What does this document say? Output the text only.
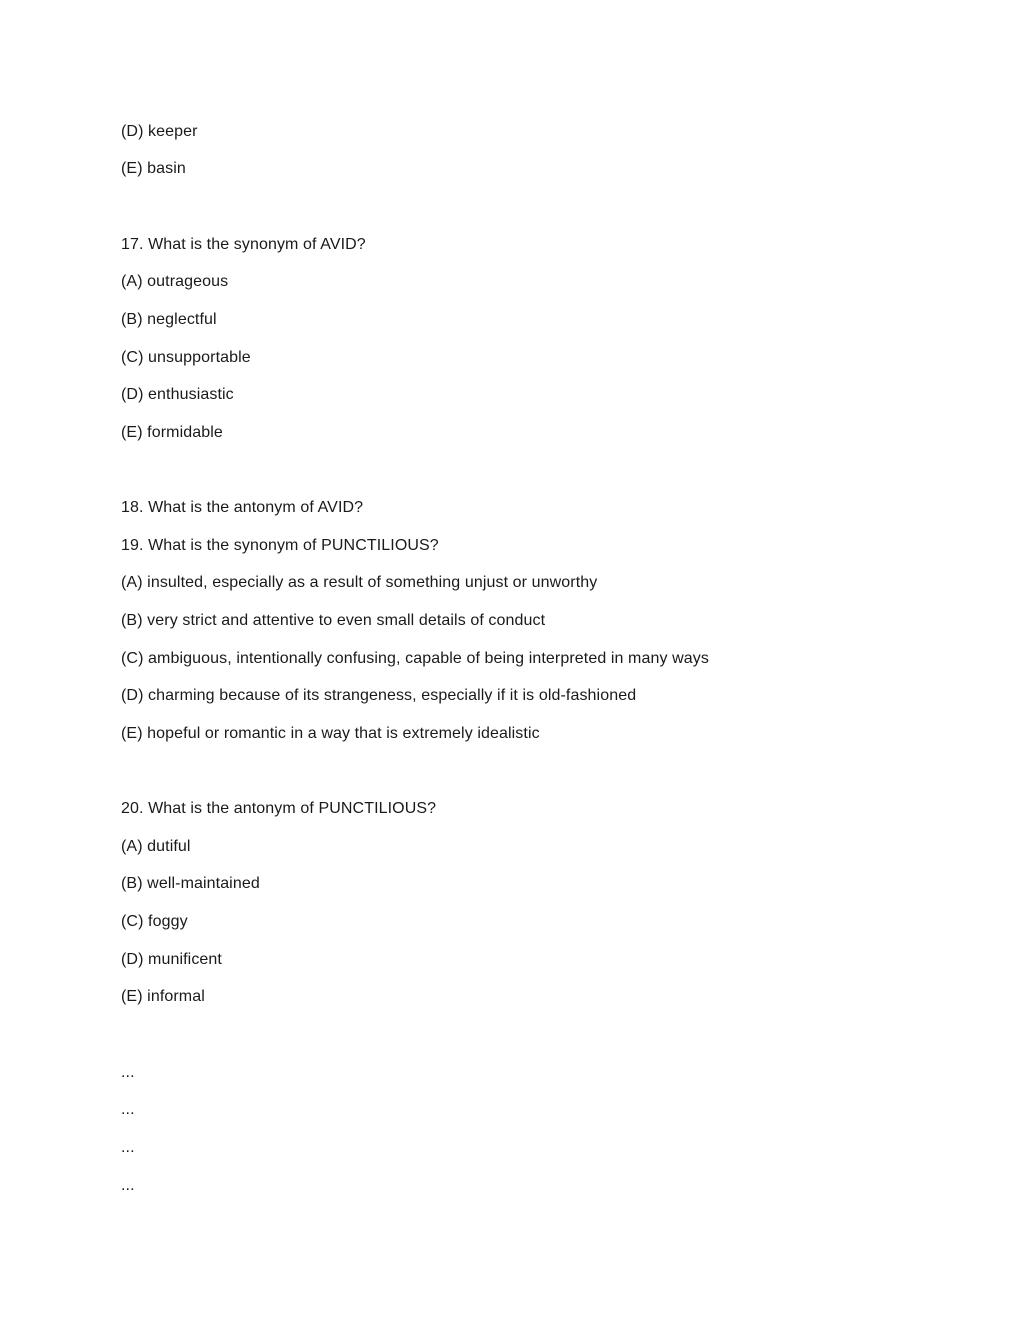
(D) keeper
(E) basin
17. What is the synonym of AVID?
(A) outrageous
(B) neglectful
(C) unsupportable
(D) enthusiastic
(E) formidable
18. What is the antonym of AVID?
19. What is the synonym of PUNCTILIOUS?
(A) insulted, especially as a result of something unjust or unworthy
(B) very strict and attentive to even small details of conduct
(C) ambiguous, intentionally confusing, capable of being interpreted in many ways
(D) charming because of its strangeness, especially if it is old-fashioned
(E) hopeful or romantic in a way that is extremely idealistic
20. What is the antonym of PUNCTILIOUS?
(A) dutiful
(B) well-maintained
(C) foggy
(D) munificent
(E) informal
...
...
...
...
